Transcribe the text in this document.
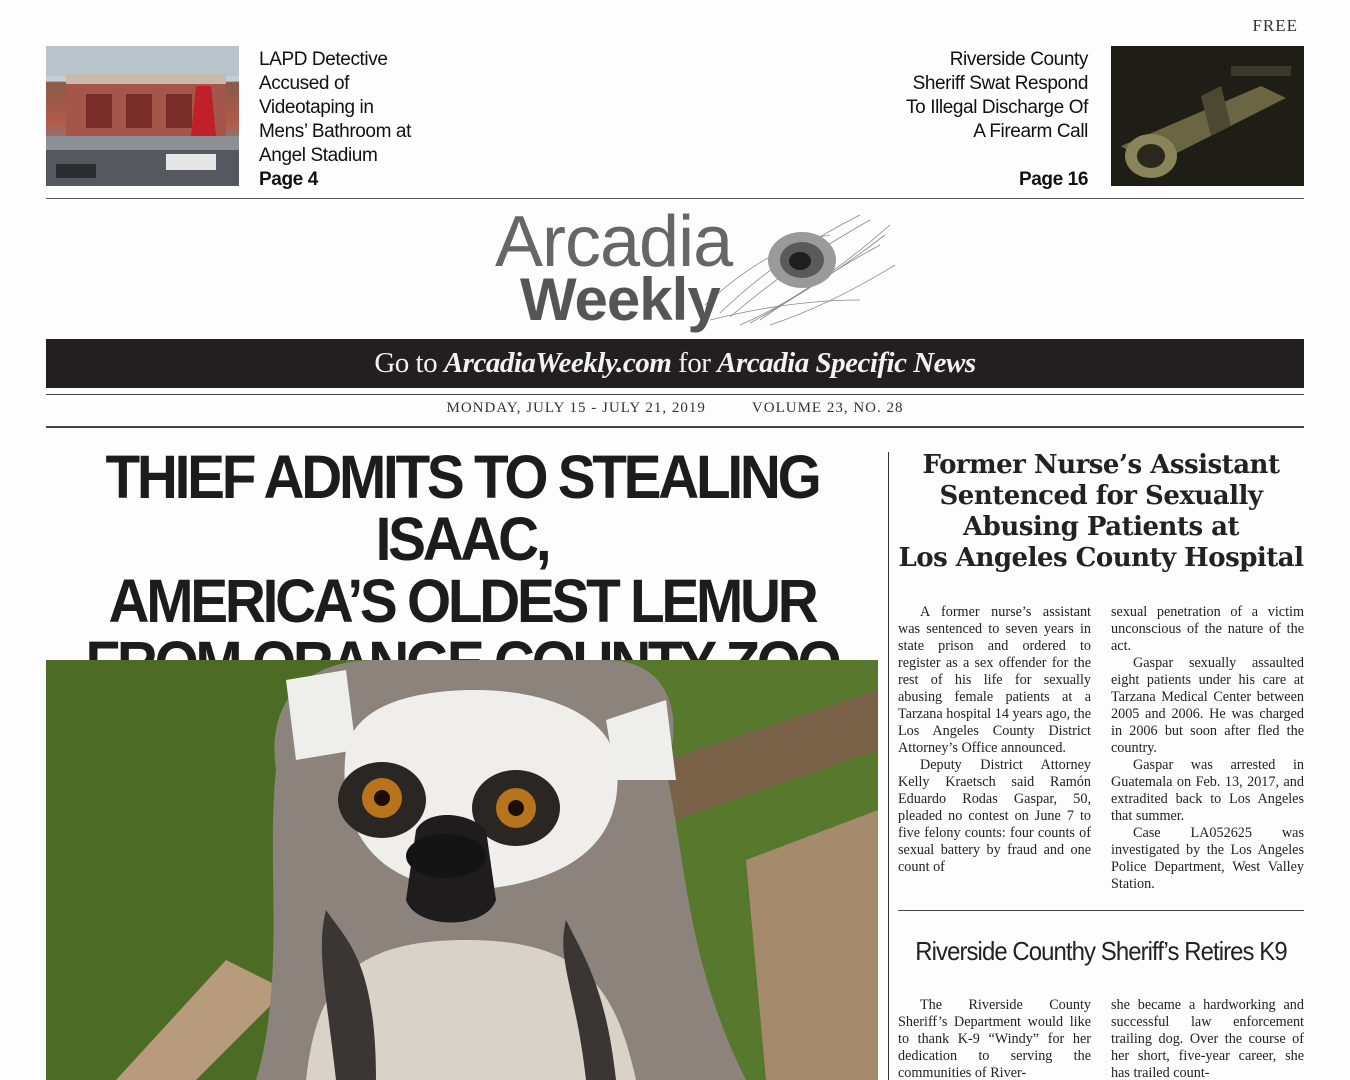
FREE
LAPD Detective
Accused of
Videotaping in
Mens’ Bathroom at
Angel Stadium
Page 4
Riverside County
Sheriff Swat Respond
To Illegal Discharge Of
A Firearm Call
Page 16
Arcadia
Weekly
Go to ArcadiaWeekly.com for Arcadia Specific News
MONDAY, JULY 15 - JULY 21, 2019	VOLUME 23, NO. 28
THIEF ADMITS TO STEALING ISAAC,
AMERICA’S OLDEST LEMUR
Former Nurse’s Assistant
Sentenced for Sexually
Abusing Patients at
Los Angeles County Hospital

A former nurse’s assistant was sentenced to seven years in state prison and ordered to register as a sex offender for the rest of his life for sexually abusing female patients at a Tarzana hospital 14 years ago, the Los Angeles County District Attorney’s Office announced.

Deputy District Attorney Kelly Kraetsch said Ramón Eduardo Rodas Gaspar, 50, pleaded no contest on June 7 to five felony counts: four counts of sexual battery by fraud and one count of

sexual penetration of a victim unconscious of the nature of the act.

Gaspar sexually assaulted eight patients under his care at Tarzana Medical Center between 2005 and 2006. He was charged in 2006 but soon after fled the country.

Gaspar was arrested in Guatemala on Feb. 13, 2017, and extradited back to Los Angeles that summer.

Case LA052625 was investigated by the Los Angeles Police Department, West Valley Station.

Riverside Counthy Sheriff’s Retires K9

The Riverside County Sheriff’s Department would like to thank K-9 “Windy” for her dedication to serving the communities of River-

she became a hardworking and successful law enforcement trailing dog. Over the course of her short, five-year career, she has trailed count-
